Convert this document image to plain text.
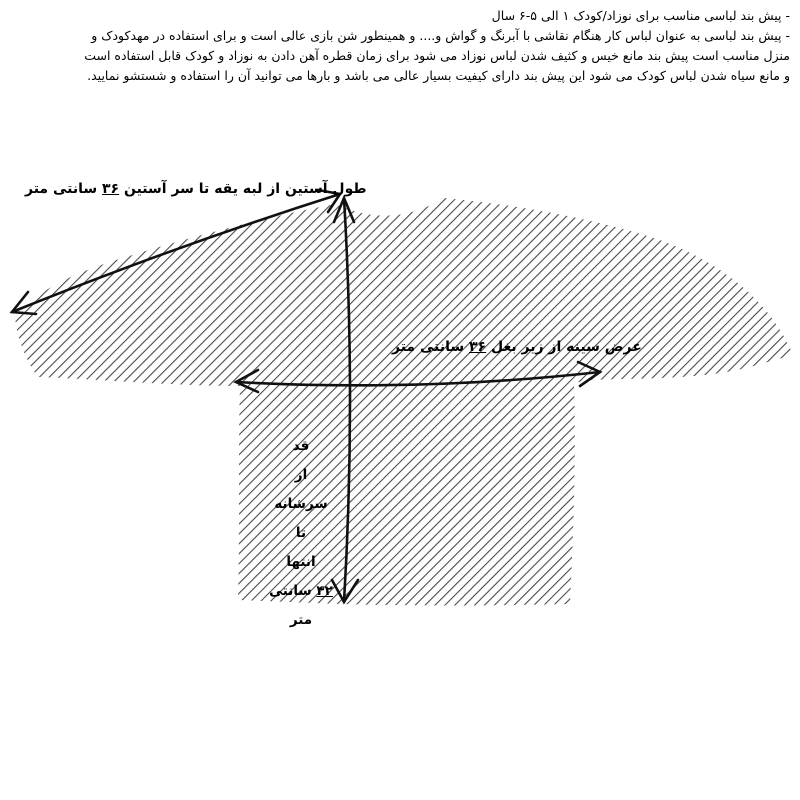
- پیش بند لباسی مناسب برای نوزاد/کودک ۱ الی ۵-۶ سال

- پیش بند لباسی به عنوان لباس کار هنگام نقاشی با آبرنگ و گواش و.... و همینطور شن بازی عالی است و برای استفاده در مهدکودک و

منزل مناسب است پیش بند مانع خیس و کثیف شدن لباس نوزاد می شود برای زمان قطره آهن دادن به نوزاد و کودک قابل استفاده است

و مانع سیاه شدن لباس کودک می شود این پیش بند دارای کیفیت بسیار عالی می باشد و بارها می توانید آن را استفاده و شستشو نمایید.

طول آستین از لبه یقه تا سر آستین ۳۶ سانتی متر
عرض سینه از زیر بغل ۳۶ سانتی متر
قد
از
سرشانه
تا
انتها
۴۲ سانتی متر
